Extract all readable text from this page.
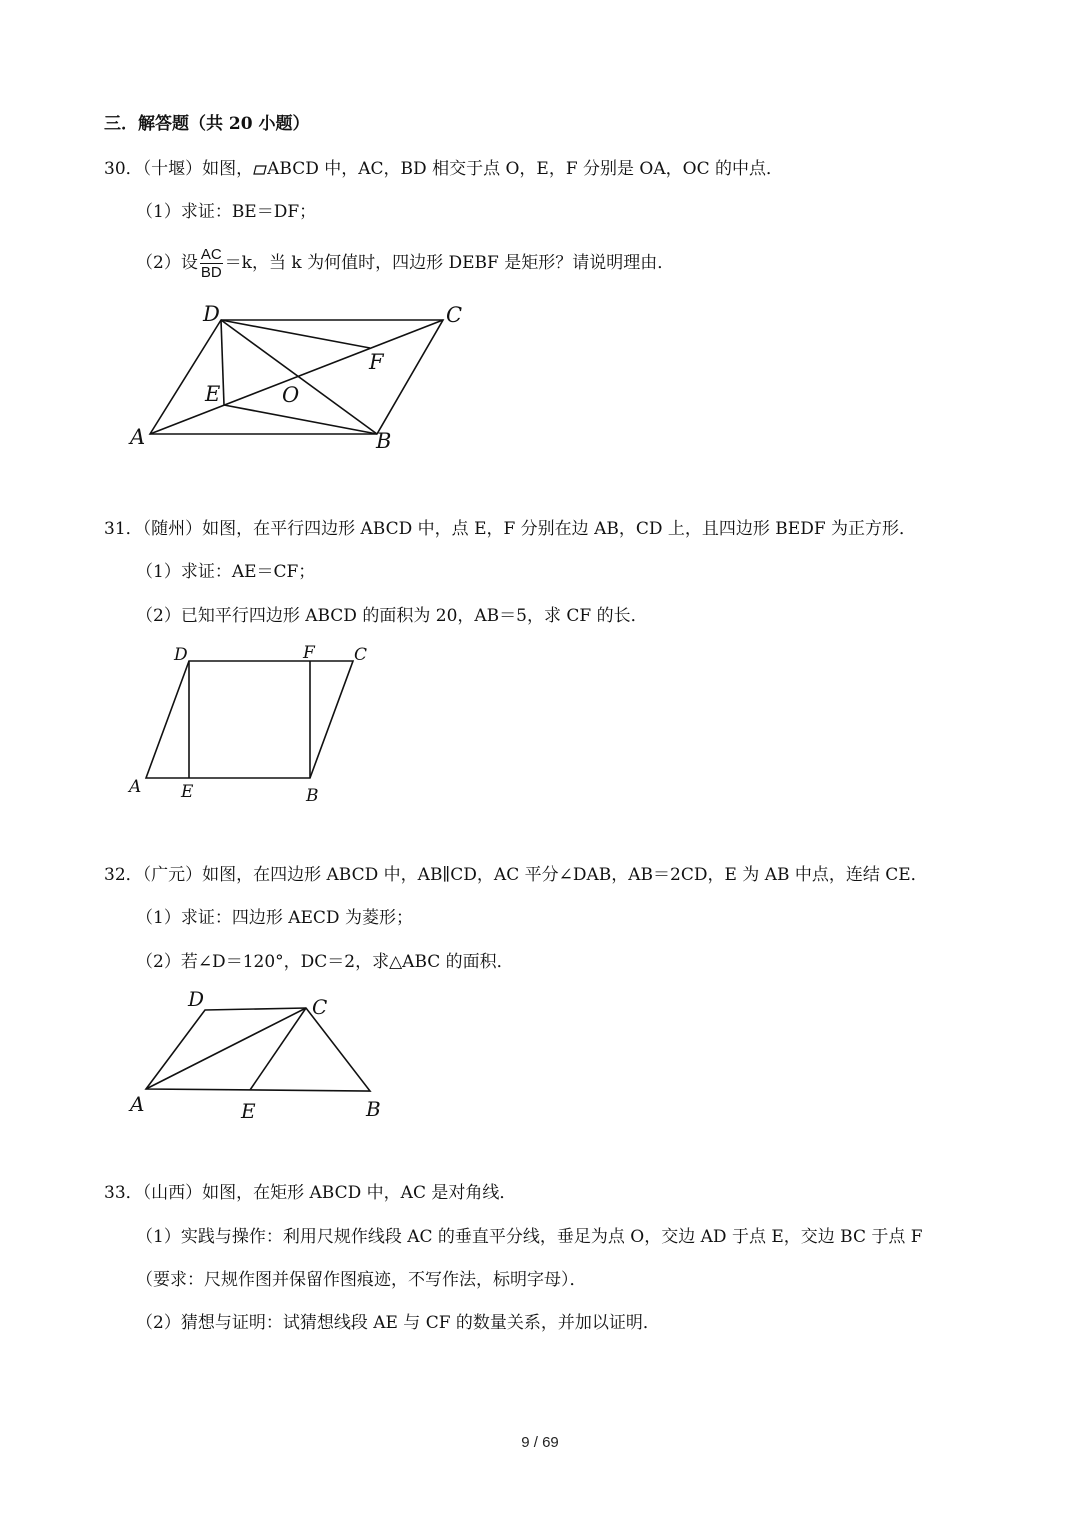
三．解答题（共 20 小题）
30．（十堰）如图， ABCD 中，AC，BD 相交于点 O，E，F 分别是 OA，OC 的中点．
（1）求证：BE＝DF；
（2）设 $\frac{AC}{BD} =k$，当 k 为何值时，四边形 DEBF 是矩形？请说明理由．
A	B
C
D
E
F
O
31．（随州）如图，在平行四边形 ABCD 中，点 E，F 分别在边 AB，CD 上，且四边形 BEDF 为正方形．
（1）求证：AE＝CF；
（2）已知平行四边形 ABCD 的面积为 20，AB＝5，求 CF 的长．
A	B
C
D
E
F
32．（广元）如图，在四边形 ABCD 中，AB∥CD，AC 平分∠DAB，AB＝2CD，E 为 AB 中点，连结 CE．
（1）求证：四边形 AECD 为菱形；
（2）若∠D＝120°，DC＝2，求△ABC 的面积．
A	B
C
D
E
33．（山西）如图，在矩形 ABCD 中，AC 是对角线．
（1）实践与操作：利用尺规作线段 AC 的垂直平分线，垂足为点 O，交边 AD 于点 E，交边 BC 于点 F
（要求：尺规作图并保留作图痕迹，不写作法，标明字母）．
（2）猜想与证明：试猜想线段 AE 与 CF 的数量关系，并加以证明．
9 / 69
